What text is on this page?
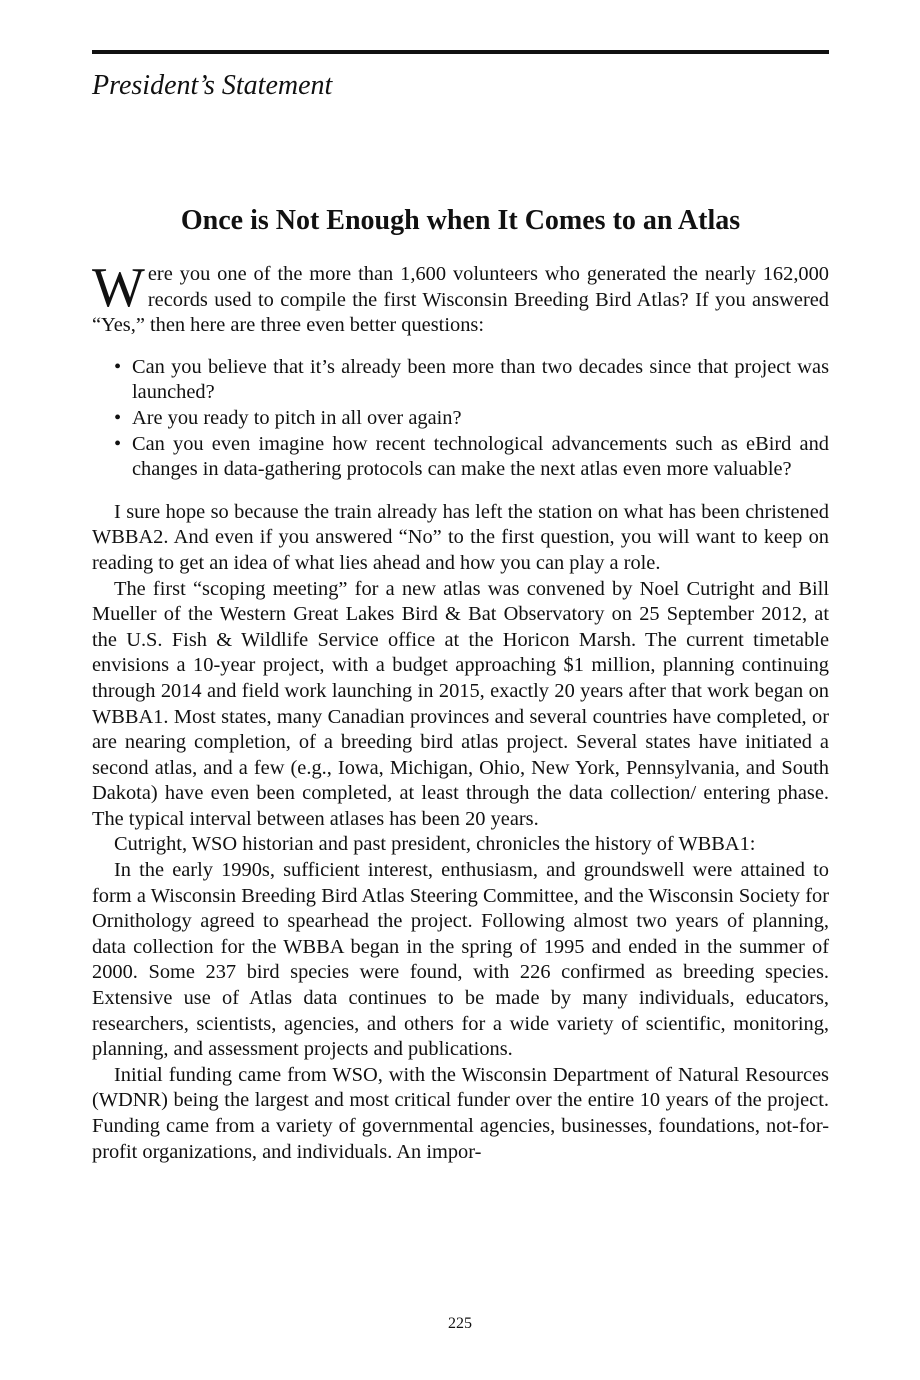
President’s Statement
Once is Not Enough when It Comes to an Atlas

Were you one of the more than 1,600 volunteers who generated the nearly 162,000 records used to compile the first Wisconsin Breeding Bird Atlas? If you answered “Yes,” then here are three even better questions:

• Can you believe that it’s already been more than two decades since that project was launched?
• Are you ready to pitch in all over again?
• Can you even imagine how recent technological advancements such as eBird and changes in data-gathering protocols can make the next atlas even more valuable?

I sure hope so because the train already has left the station on what has been christened WBBA2. And even if you answered “No” to the first question, you will want to keep on reading to get an idea of what lies ahead and how you can play a role.

The first “scoping meeting” for a new atlas was convened by Noel Cutright and Bill Mueller of the Western Great Lakes Bird & Bat Observatory on 25 September 2012, at the U.S. Fish & Wildlife Service office at the Horicon Marsh. The current timetable envisions a 10-year project, with a budget approaching $1 million, planning continuing through 2014 and field work launching in 2015, exactly 20 years after that work began on WBBA1. Most states, many Canadian provinces and several countries have completed, or are nearing completion, of a breeding bird atlas project. Several states have initiated a second atlas, and a few (e.g., Iowa, Michigan, Ohio, New York, Pennsylvania, and South Dakota) have even been completed, at least through the data collection/ entering phase. The typical interval between atlases has been 20 years.

Cutright, WSO historian and past president, chronicles the history of WBBA1:

In the early 1990s, sufficient interest, enthusiasm, and groundswell were attained to form a Wisconsin Breeding Bird Atlas Steering Committee, and the Wisconsin Society for Ornithology agreed to spearhead the project. Following almost two years of planning, data collection for the WBBA began in the spring of 1995 and ended in the summer of 2000. Some 237 bird species were found, with 226 confirmed as breeding species. Extensive use of Atlas data continues to be made by many individuals, educators, researchers, scientists, agencies, and others for a wide variety of scientific, monitoring, planning, and assessment projects and publications.

Initial funding came from WSO, with the Wisconsin Department of Natural Resources (WDNR) being the largest and most critical funder over the entire 10 years of the project. Funding came from a variety of governmental agencies, businesses, foundations, not-for-profit organizations, and individuals. An impor-

225
